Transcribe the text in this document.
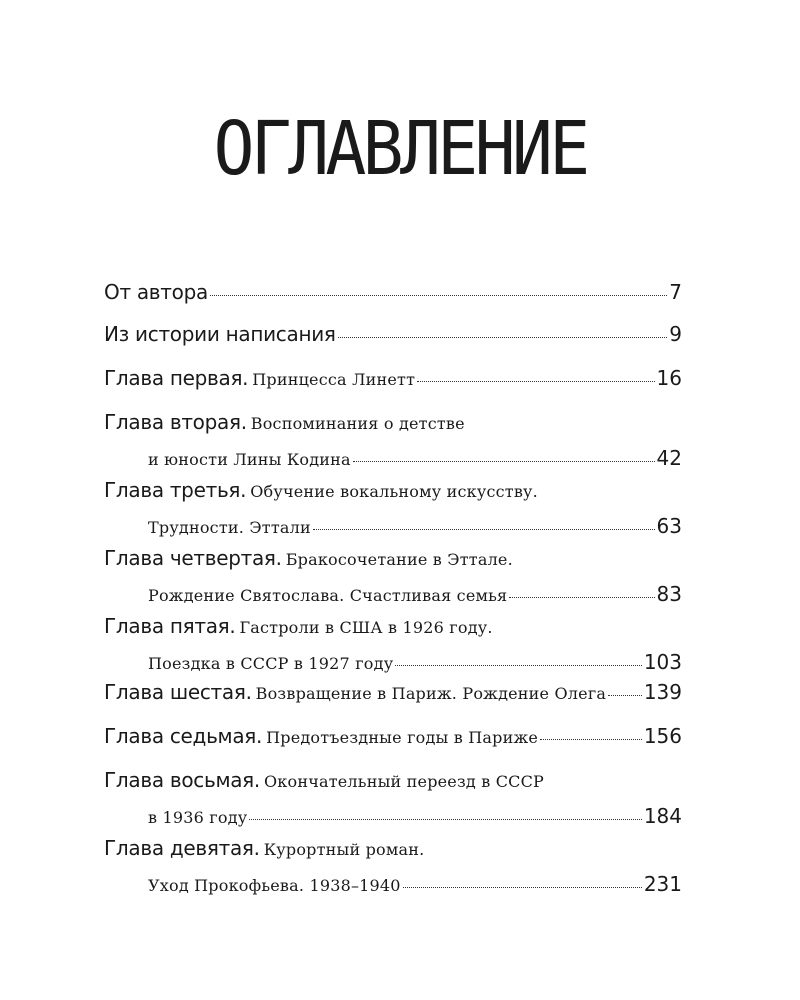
ОГЛАВЛЕНИЕ
От автора	7
Из истории написания	9
Глава первая.
Принцесса Линетт	16
Глава вторая.
Воспоминания о детстве
и юности Лины Кодина	42
Глава третья.
Обучение вокальному искусству.
Трудности. Эттали	63
Глава четвертая.
Бракосочетание в Эттале.
Рождение Святослава. Счастливая семья	83
Глава пятая.
Гастроли в США в 1926 году.
Поездка в СССР в 1927 году	103
Глава шестая.
Возвращение в Париж. Рождение Олега 139
Глава седьмая.
Предотъездные годы в Париже	156
Глава восьмая.
Окончательный переезд в СССР
в 1936 году	184
Глава девятая.
Курортный роман.
Уход Прокофьева. 1938–1940	231
